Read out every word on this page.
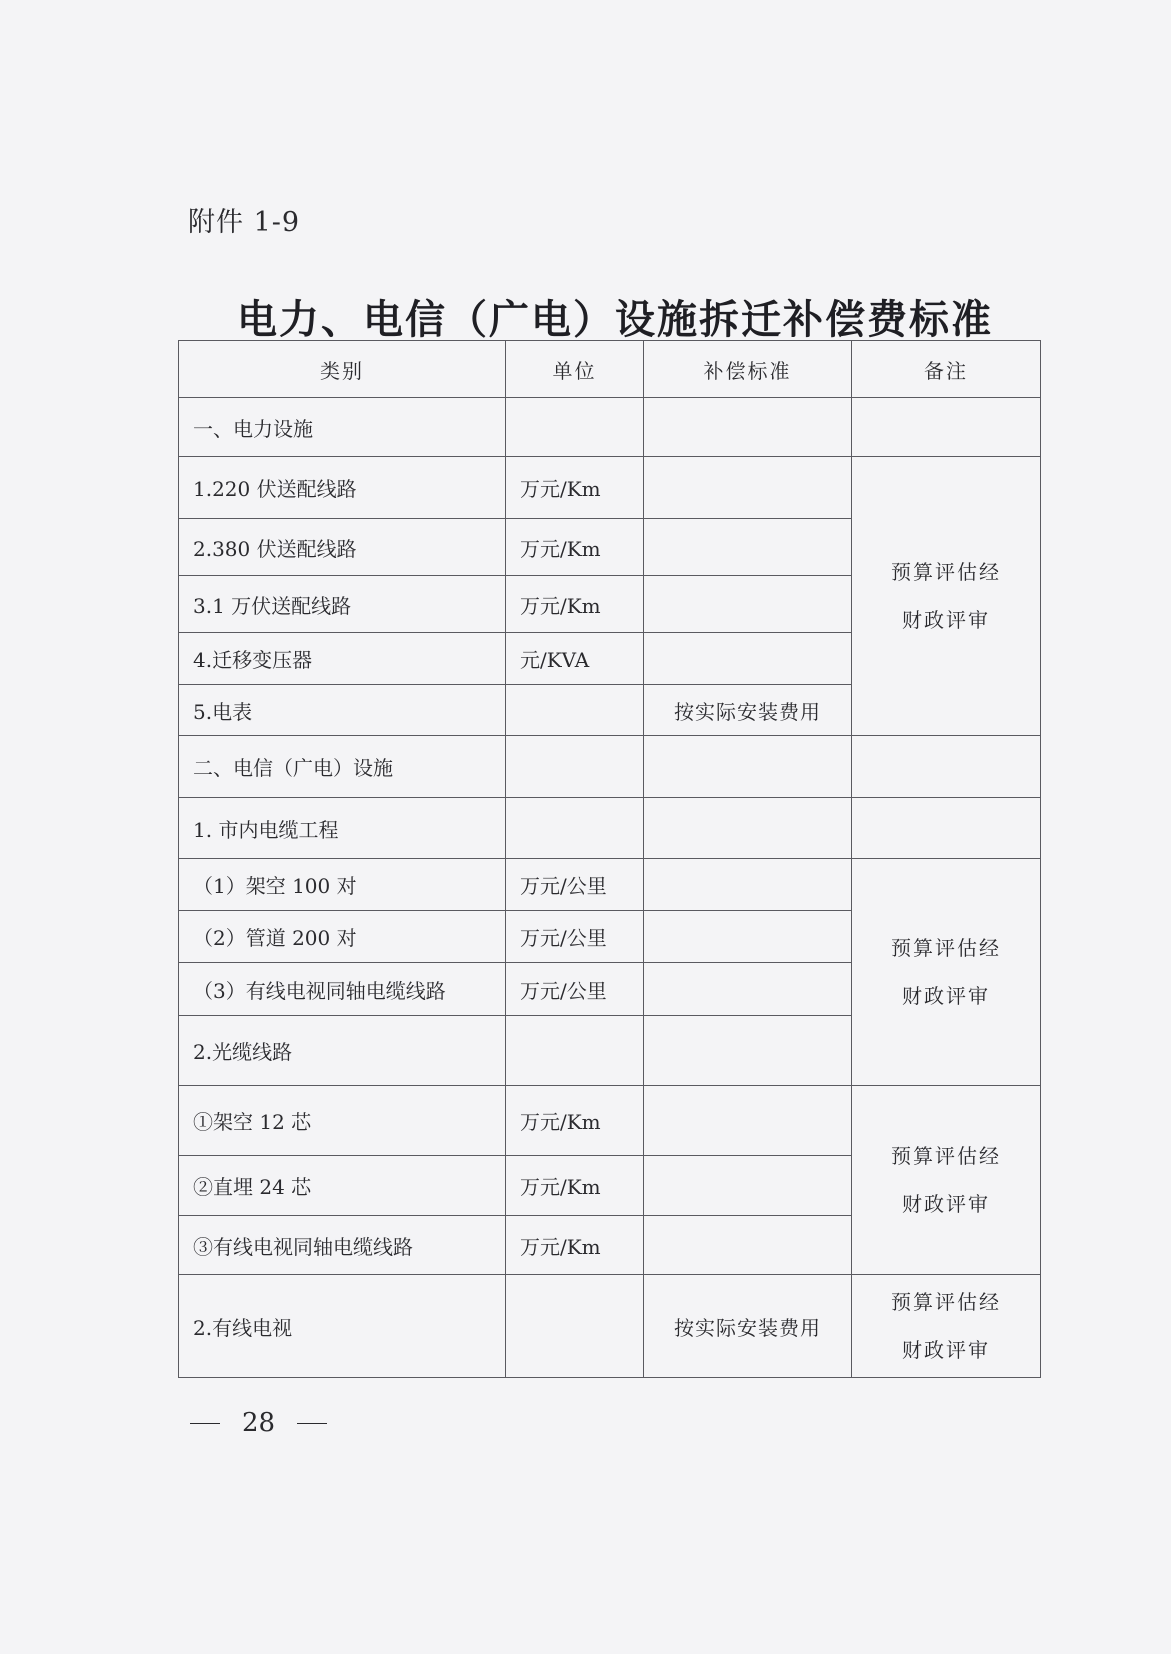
附件 1-9
电力、电信（广电）设施拆迁补偿费标准
类别	单位	补偿标准	备注
一、电力设施			
1.220 伏送配线路	万元/Km		预算评估经
财政评审
2.380 伏送配线路	万元/Km		
3.1 万伏送配线路	万元/Km		
4.迁移变压器	元/KVA		
5.电表		按实际安装费用	
二、电信（广电）设施			
1. 市内电缆工程			
（1）架空 100 对	万元/公里		预算评估经
财政评审
（2）管道 200 对	万元/公里		
（3）有线电视同轴电缆线路	万元/公里		
2.光缆线路			
①架空 12 芯	万元/Km		预算评估经
财政评审
②直埋 24 芯	万元/Km		
③有线电视同轴电缆线路	万元/Km		
2.有线电视		按实际安装费用	预算评估经
财政评审
28
